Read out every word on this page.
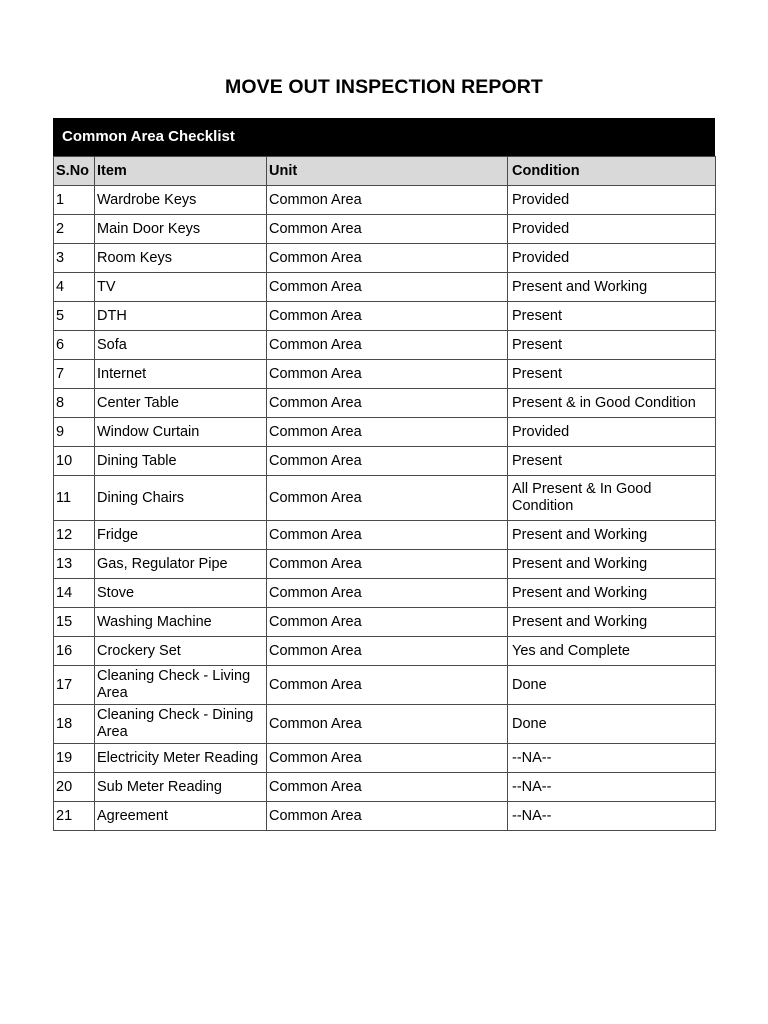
MOVE OUT INSPECTION REPORT
Common Area Checklist
S.No	Item	Unit	Condition
1	Wardrobe Keys	Common Area	Provided
2	Main Door Keys	Common Area	Provided
3	Room Keys	Common Area	Provided
4	TV	Common Area	Present and Working
5	DTH	Common Area	Present
6	Sofa	Common Area	Present
7	Internet	Common Area	Present
8	Center Table	Common Area	Present & in Good Condition
9	Window Curtain	Common Area	Provided
10	Dining Table	Common Area	Present
11	Dining Chairs	Common Area	All Present & In Good Condition
12	Fridge	Common Area	Present and Working
13	Gas, Regulator Pipe	Common Area	Present and Working
14	Stove	Common Area	Present and Working
15	Washing Machine	Common Area	Present and Working
16	Crockery Set	Common Area	Yes and Complete
17	Cleaning Check - Living Area	Common Area	Done
18	Cleaning Check - Dining Area	Common Area	Done
19	Electricity Meter Reading	Common Area	--NA--
20	Sub Meter Reading	Common Area	--NA--
21	Agreement	Common Area	--NA--
